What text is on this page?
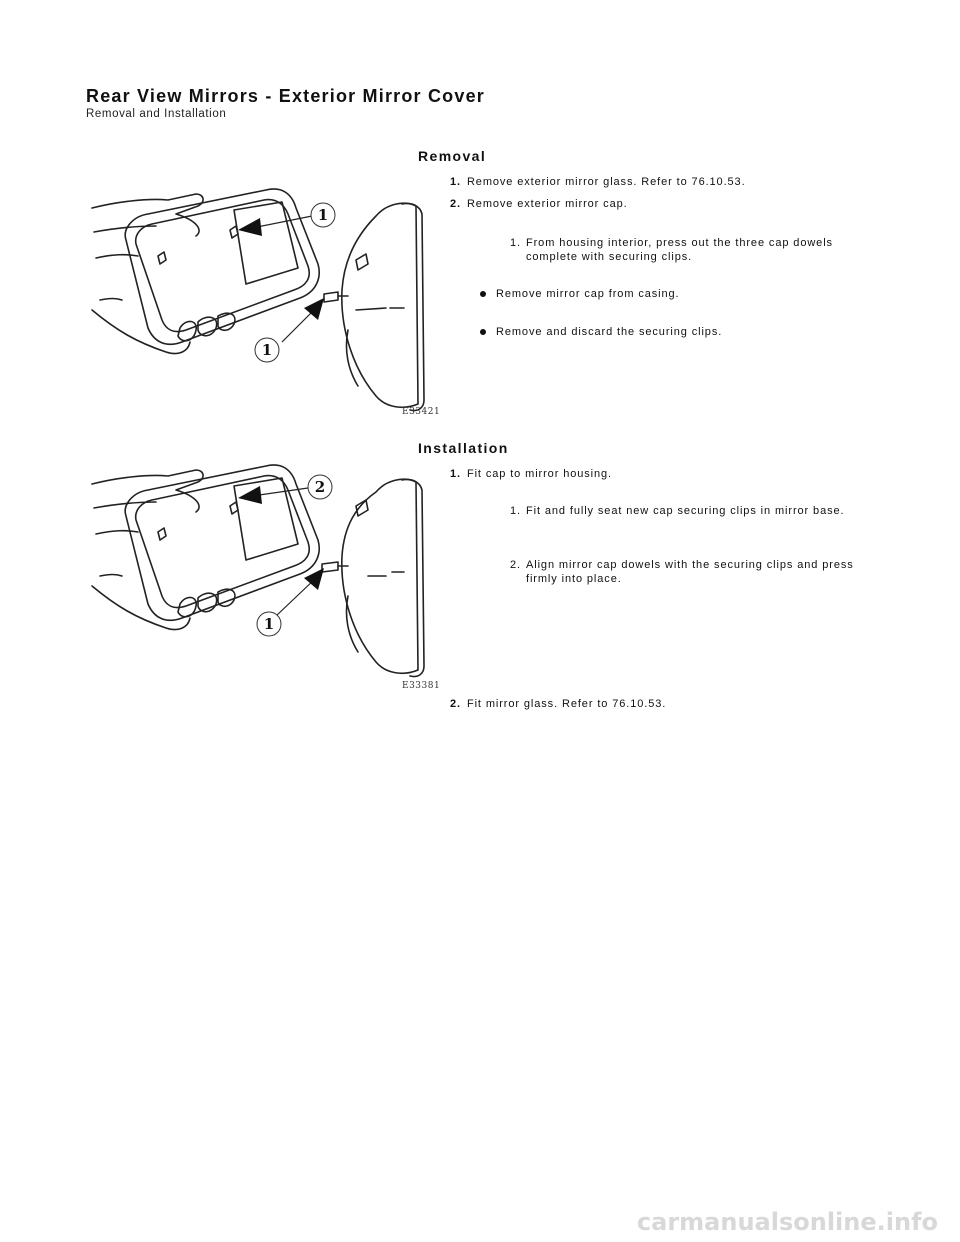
Rear View Mirrors - Exterior Mirror Cover
Removal and Installation
Removal
1
1
E33421
1. Remove exterior mirror glass. Refer to 76.10.53.
2. Remove exterior mirror cap.
1. From housing interior, press out the three cap dowels complete with securing clips.
Remove mirror cap from casing.
Remove and discard the securing clips.
Installation
2
1
E33381
1. Fit cap to mirror housing.
1. Fit and fully seat new cap securing clips in mirror base.
2. Align mirror cap dowels with the securing clips and press firmly into place.
2. Fit mirror glass. Refer to 76.10.53.
carmanualsonline.info
